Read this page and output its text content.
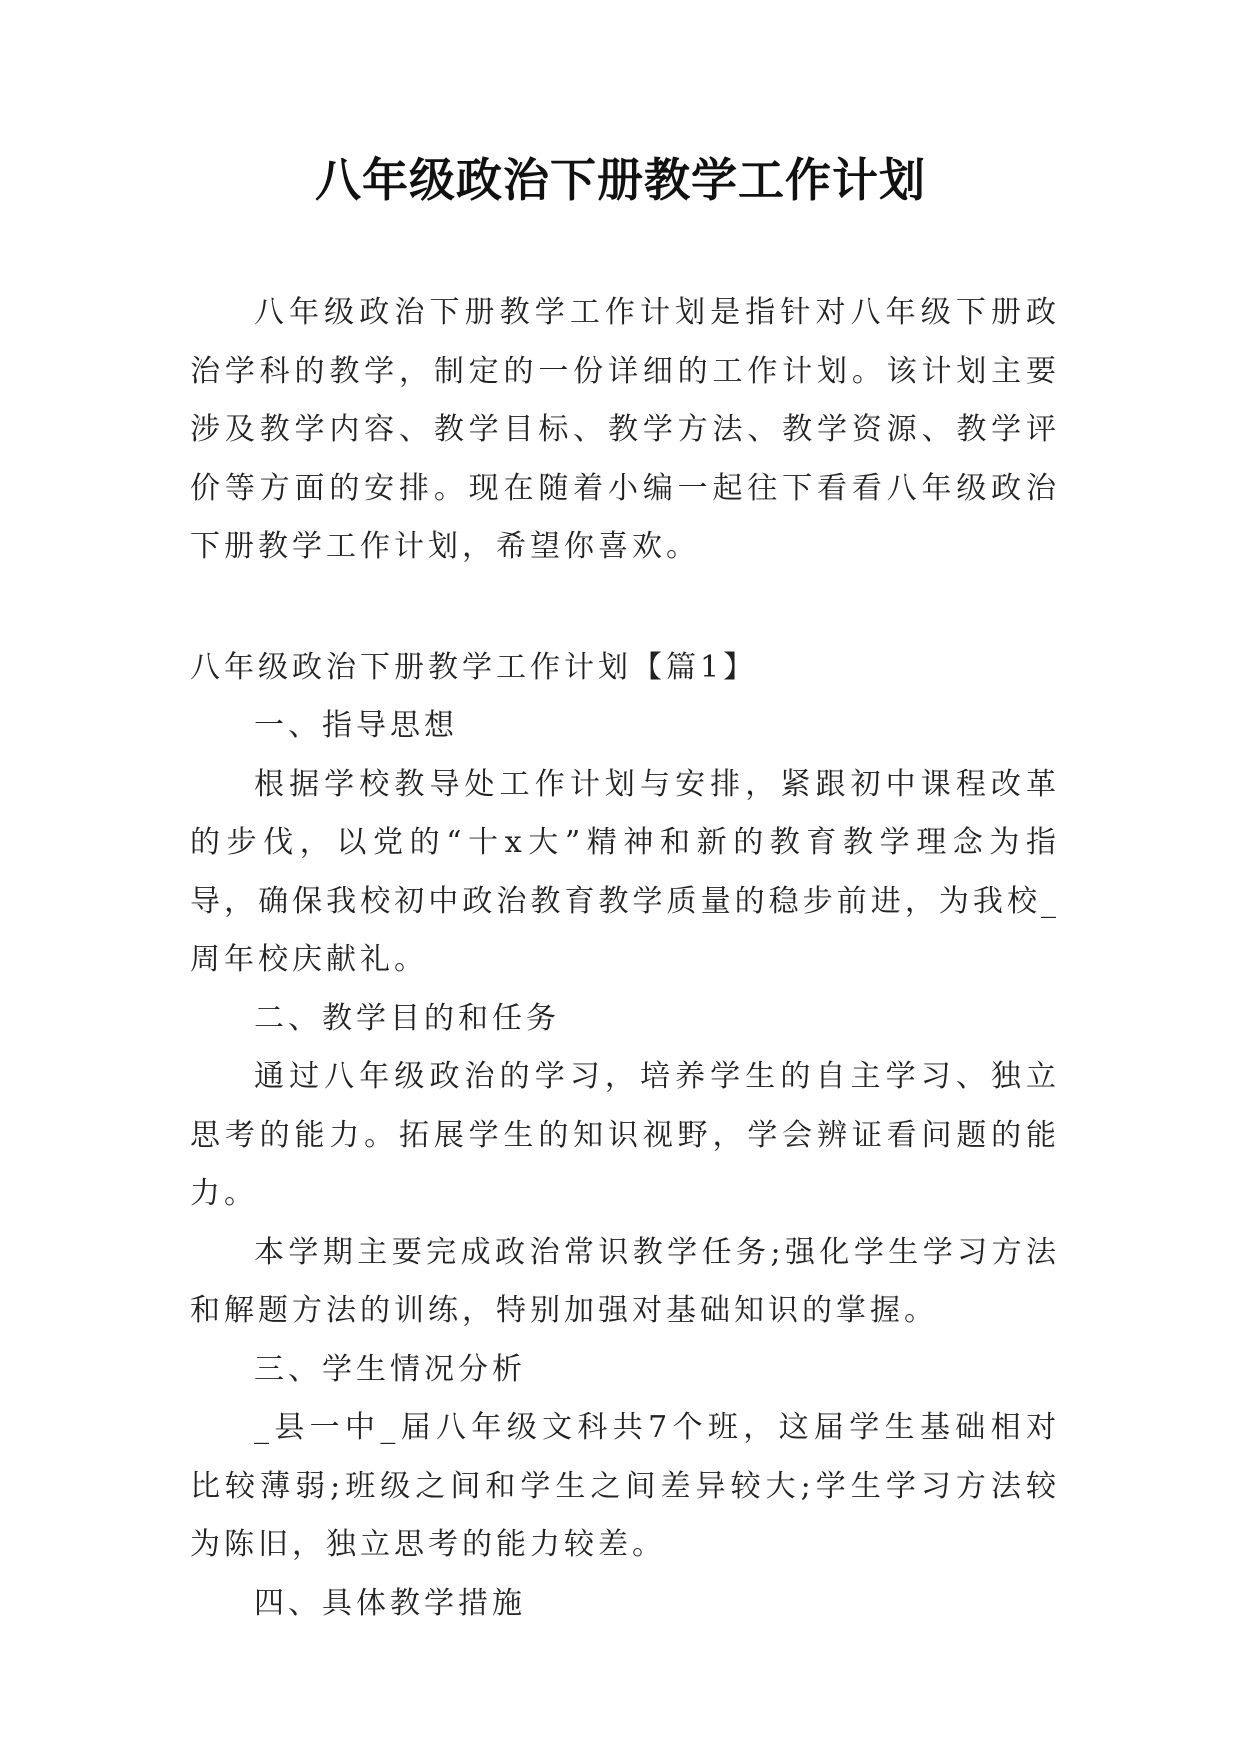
八年级政治下册教学工作计划

八年级政治下册教学工作计划是指针对八年级下册政治学科的教学，制定的一份详细的工作计划。该计划主要涉及教学内容、教学目标、教学方法、教学资源、教学评价等方面的安排。现在随着小编一起往下看看八年级政治下册教学工作计划，希望你喜欢。

八年级政治下册教学工作计划【篇1】

一、指导思想

根据学校教导处工作计划与安排，紧跟初中课程改革的步伐，以党的“十x大”精神和新的教育教学理念为指导，确保我校初中政治教育教学质量的稳步前进，为我校_周年校庆献礼。

二、教学目的和任务

通过八年级政治的学习，培养学生的自主学习、独立思考的能力。拓展学生的知识视野，学会辨证看问题的能力。

本学期主要完成政治常识教学任务;强化学生学习方法和解题方法的训练，特别加强对基础知识的掌握。

三、学生情况分析

_县一中_届八年级文科共7个班，这届学生基础相对比较薄弱;班级之间和学生之间差异较大;学生学习方法较为陈旧，独立思考的能力较差。

四、具体教学措施
